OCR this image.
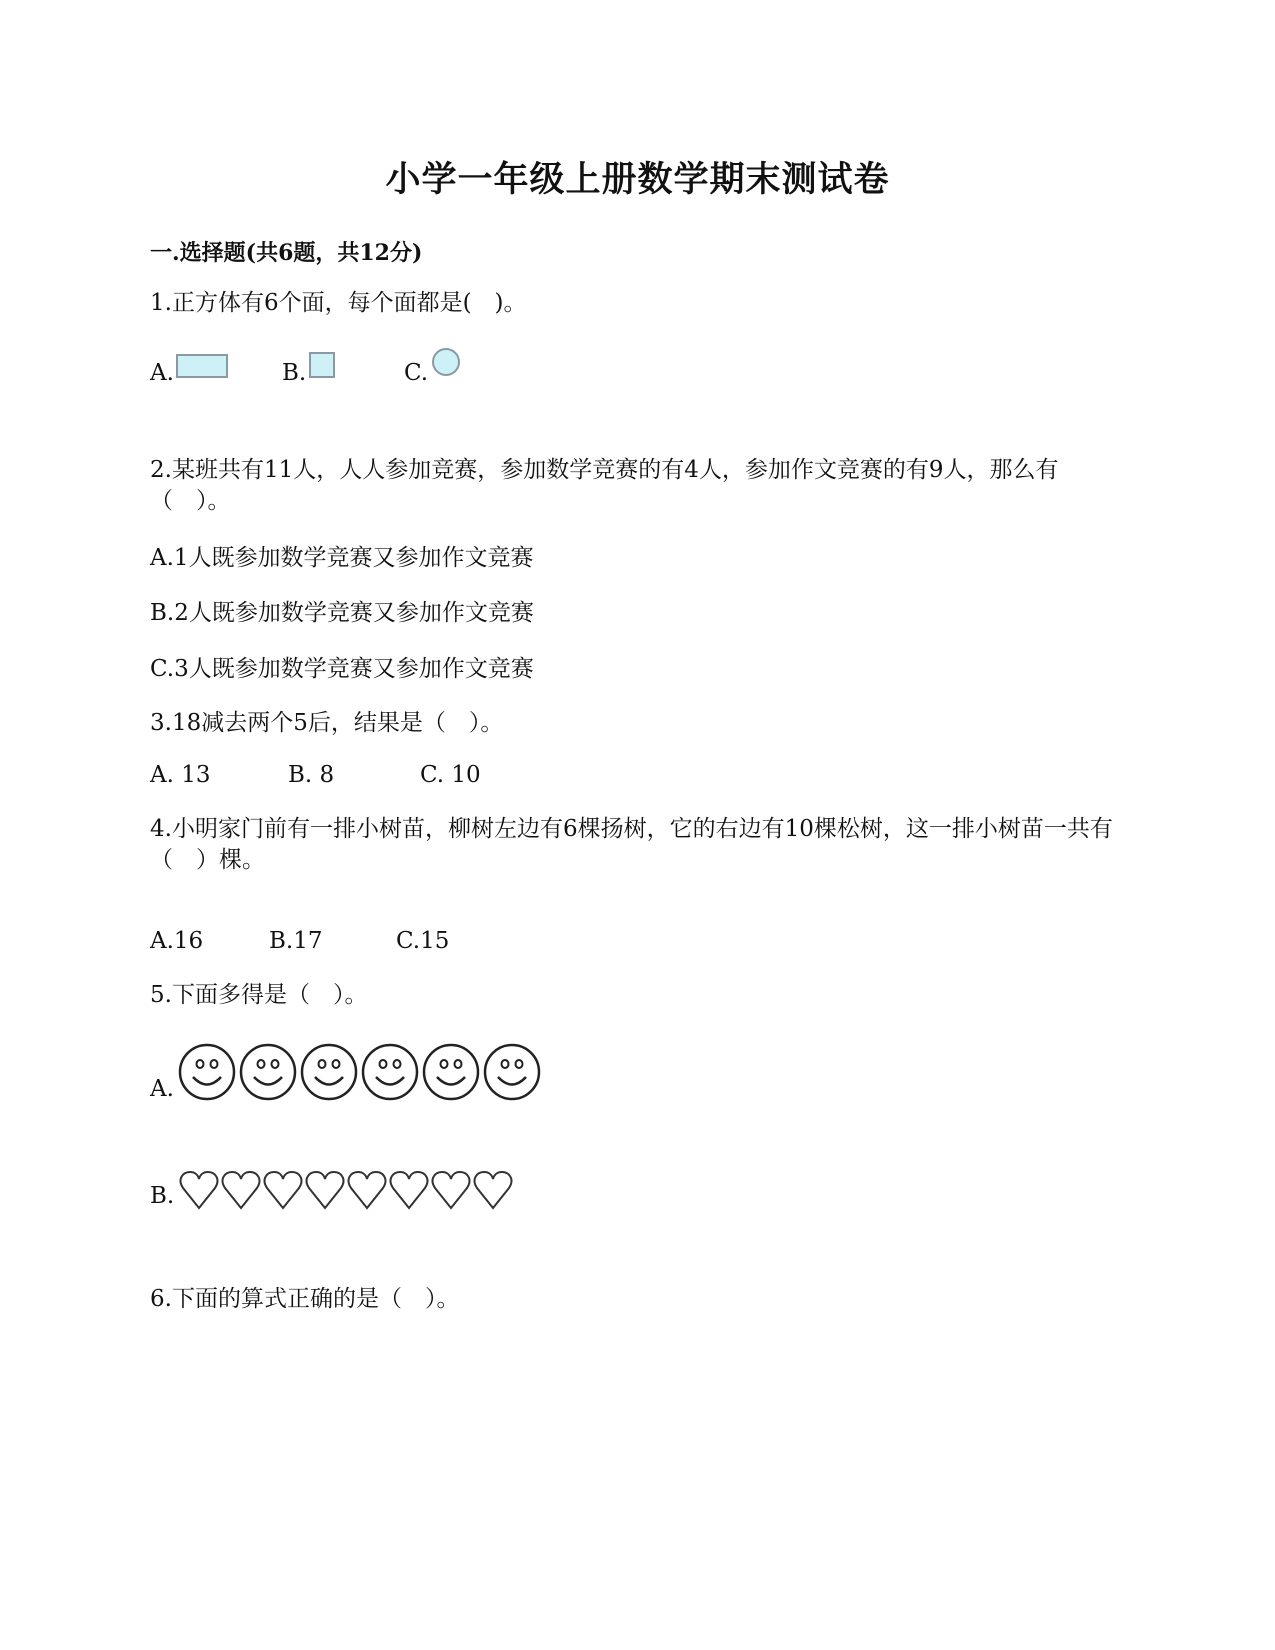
小学一年级上册数学期末测试卷
一.选择题(共6题，共12分)
1.正方体有6个面，每个面都是(　)。
A.	B.	C.
2.某班共有11人，人人参加竞赛，参加数学竞赛的有4人，参加作文竞赛的有9人，那么有（　）。
A.1人既参加数学竞赛又参加作文竞赛
B.2人既参加数学竞赛又参加作文竞赛
C.3人既参加数学竞赛又参加作文竞赛
3.18减去两个5后，结果是（　）。
A. 13	B. 8	C. 10
4.小明家门前有一排小树苗，柳树左边有6棵扬树，它的右边有10棵松树，这一排小树苗一共有（　）棵。
A.16	B.17	C.15
5.下面多得是（　）。
A.
B.
6.下面的算式正确的是（　）。
